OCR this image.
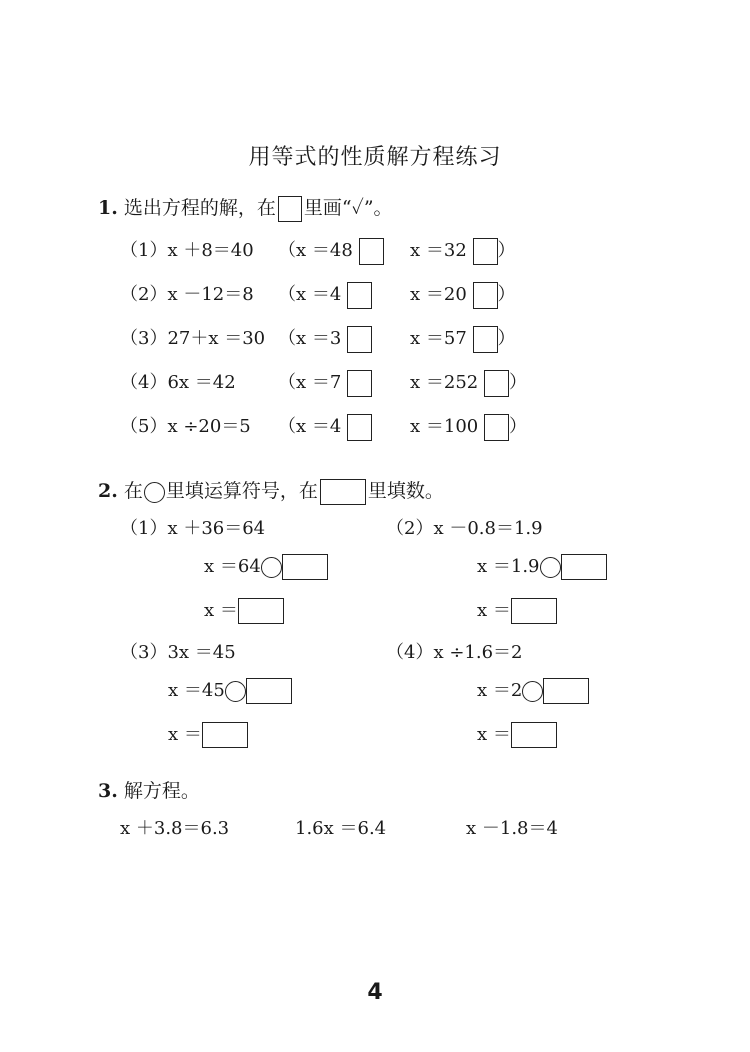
用等式的性质解方程练习
1. 选出方程的解，在 里画“✓”。
（1）x ＋8＝40 （x ＝48	x ＝32 ）
（2）x －12＝8 （x ＝4	x ＝20 ）
（3）27＋x ＝30 （x ＝3	x ＝57 ）
（4）6x ＝42 （x ＝7	x ＝252 ）
（5）x ÷20＝5 （x ＝4	x ＝100 ）
2. 在 里填运算符号，在	里填数。
（1）x ＋36＝64
x ＝64
x ＝
（2）x －0.8＝1.9
x ＝1.9
x ＝
（3）3x ＝45
x ＝45
x ＝
（4）x ÷1.6＝2
x ＝2
x ＝
3. 解方程。
x ＋3.8＝6.3	1.6x ＝6.4	x －1.8＝4
4
